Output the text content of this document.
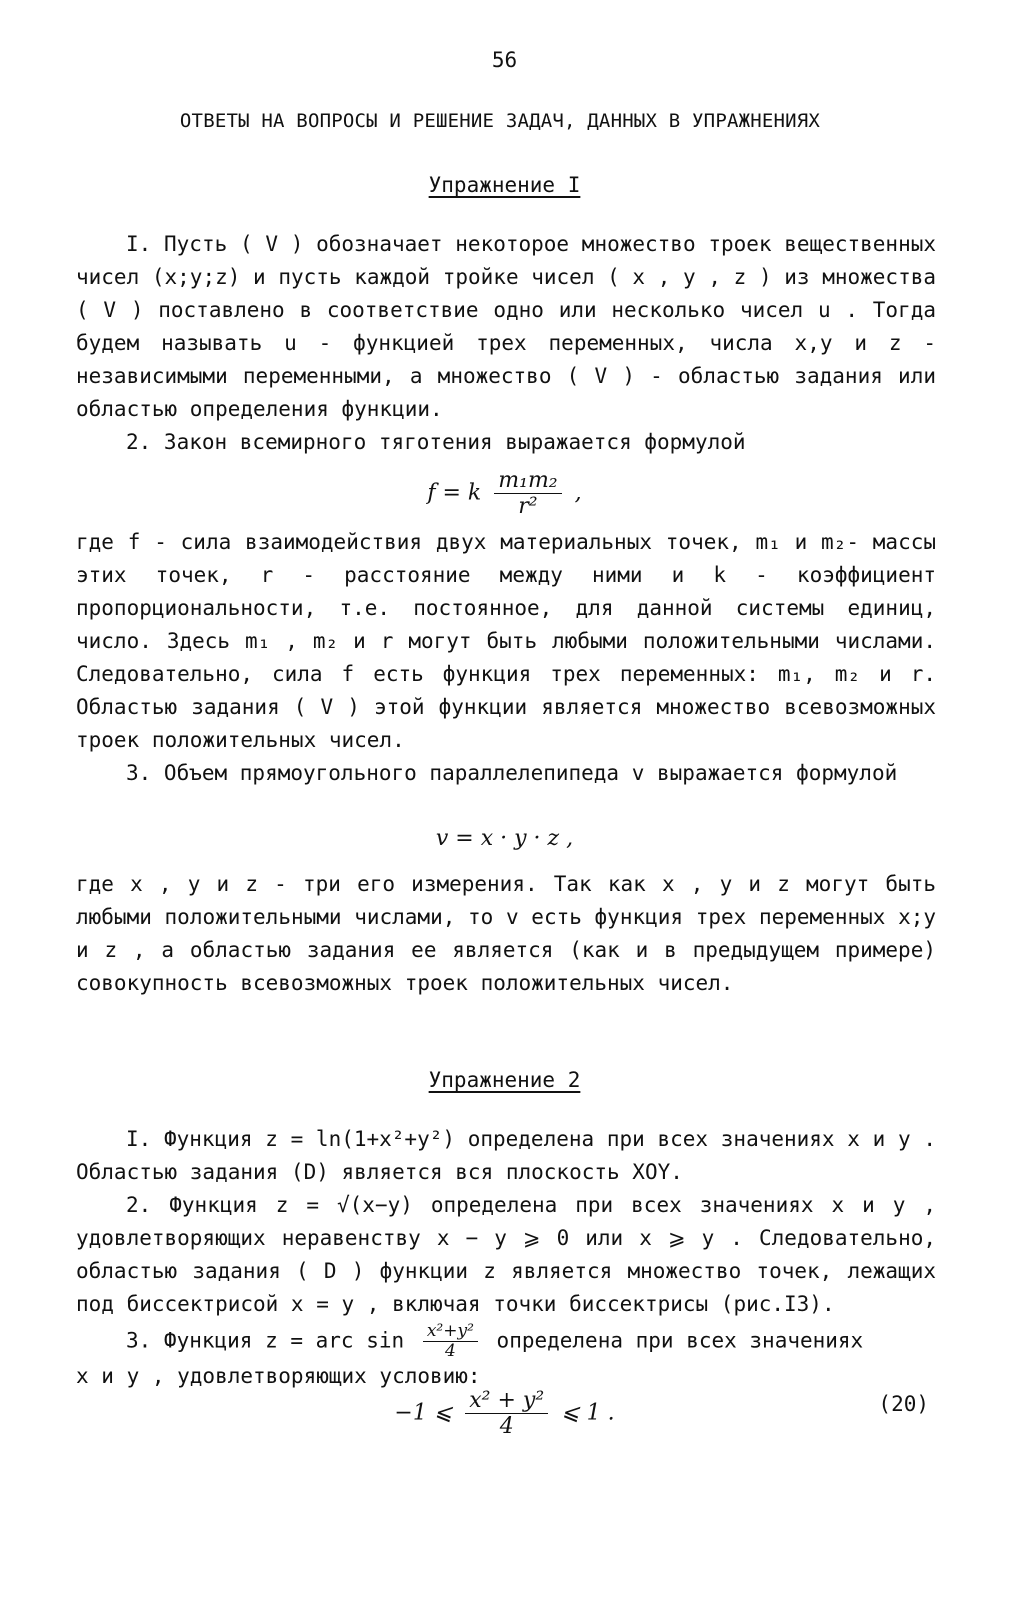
56
ОТВЕТЫ НА ВОПРОСЫ И РЕШЕНИЕ ЗАДАЧ, ДАННЫХ В УПРАЖНЕНИЯХ
Упражнение I
I. Пусть ( V ) обозначает некоторое множество троек вещественных чисел (x;y;z) и пусть каждой тройке чисел ( x , y , z ) из множества ( V ) поставлено в соответствие одно или несколько чисел u . Тогда будем называть u - функцией трех переменных, числа x,y и z - независимыми переменными, а множество ( V ) - областью задания или областью определения функции.
2. Закон всемирного тяготения выражается формулой
f = k $\frac{\text{m₁m₂}}{\text{r²}}$ ,
где f - сила взаимодействия двух материальных точек, m₁ и m₂- массы этих точек, r - расстояние между ними и k - коэффициент пропорциональности, т.е. постоянное, для данной системы единиц, число. Здесь m₁ , m₂ и r могут быть любыми положительными числами. Следовательно, сила f есть функция трех переменных: m₁, m₂ и r. Областью задания ( V ) этой функции является множество всевозможных троек положительных чисел.
3. Объем прямоугольного параллелепипеда v выражается формулой
v = x · y · z ,
где x , y и z - три его измерения. Так как x , y и z могут быть любыми положительными числами, то v есть функция трех переменных x;y и z , а областью задания ее является (как и в предыдущем примере) совокупность всевозможных троек положительных чисел.
Упражнение 2
I. Функция z = ln(1+x²+y²) определена при всех значениях x и y . Областью задания (D) является вся плоскость XOY.
2. Функция z = √(x−y) определена при всех значениях x и y , удовлетворяющих неравенству x − y ⩾ 0 или x ⩾ y . Следовательно, областью задания ( D ) функции z является множество точек, лежащих под биссектрисой x = y , включая точки биссектрисы (рис.I3).
3. Функция z = arc $\sin \frac{\text{x²+y²}}{4}$ определена при всех значениях
x и y , удовлетворяющих условию:
−1 ⩽ $\frac{\text{x² + y²}}{4}$ ⩽ 1 .	(20)
